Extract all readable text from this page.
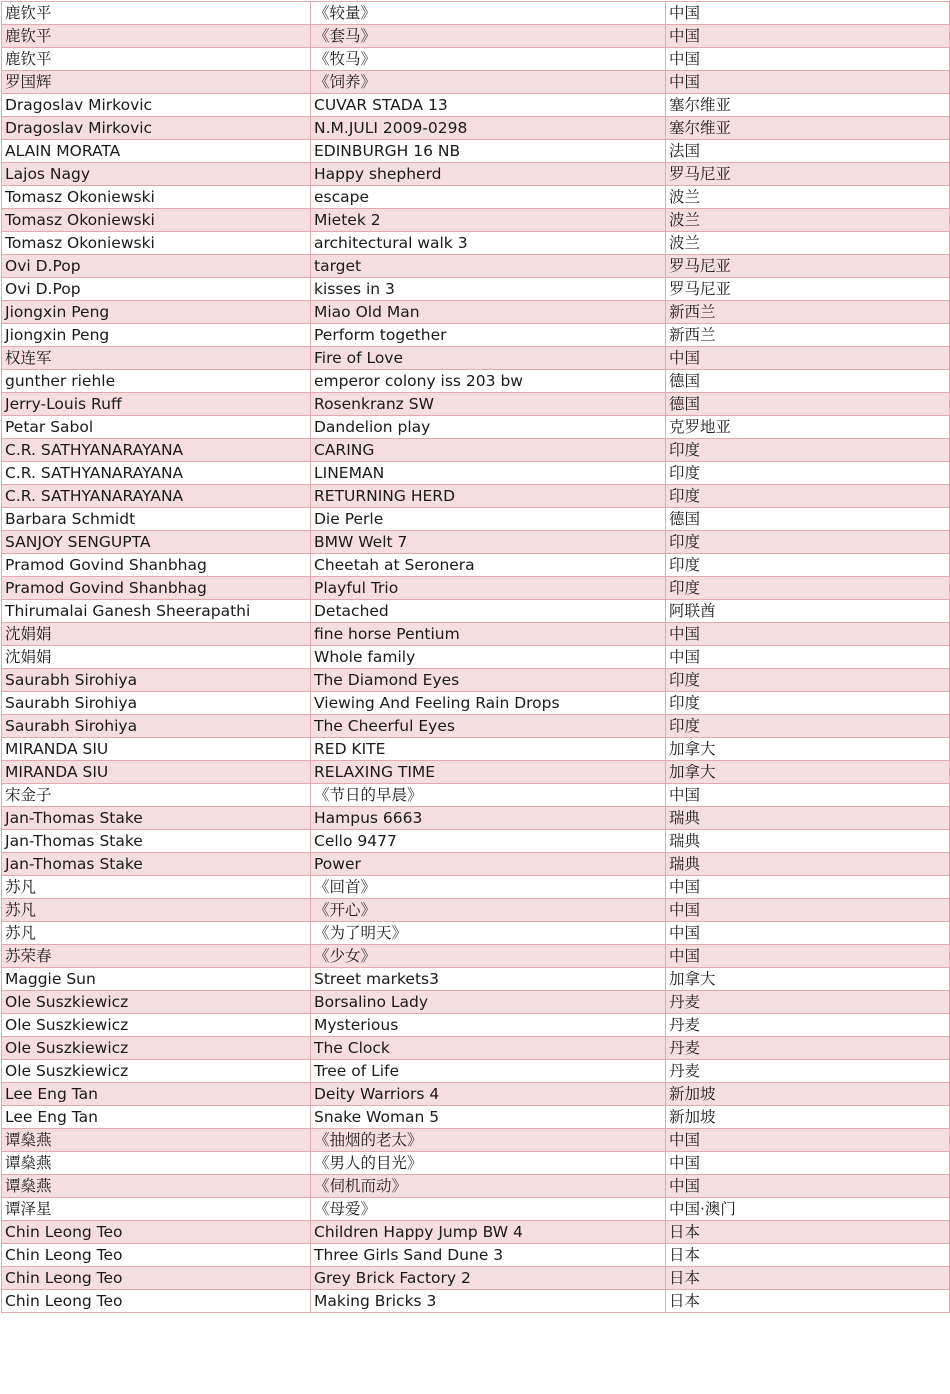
鹿钦平	《较量》	中国
鹿钦平	《套马》	中国
鹿钦平	《牧马》	中国
罗国辉	《饲养》	中国
Dragoslav Mirkovic	CUVAR STADA 13	塞尔维亚
Dragoslav Mirkovic	N.M.JULI 2009-0298	塞尔维亚
ALAIN MORATA	EDINBURGH 16 NB	法国
Lajos Nagy	Happy shepherd	罗马尼亚
Tomasz Okoniewski	escape	波兰
Tomasz Okoniewski	Mietek 2	波兰
Tomasz Okoniewski	architectural walk 3	波兰
Ovi D.Pop	target	罗马尼亚
Ovi D.Pop	kisses in 3	罗马尼亚
Jiongxin Peng	Miao Old Man	新西兰
Jiongxin Peng	Perform together	新西兰
权连军	Fire of Love	中国
gunther riehle	emperor colony iss 203 bw	德国
Jerry-Louis Ruff	Rosenkranz SW	德国
Petar Sabol	Dandelion play	克罗地亚
C.R. SATHYANARAYANA	CARING	印度
C.R. SATHYANARAYANA	LINEMAN	印度
C.R. SATHYANARAYANA	RETURNING HERD	印度
Barbara Schmidt	Die Perle	德国
SANJOY SENGUPTA	BMW Welt 7	印度
Pramod Govind Shanbhag	Cheetah at Seronera	印度
Pramod Govind Shanbhag	Playful Trio	印度
Thirumalai Ganesh Sheerapathi	Detached	阿联酋
沈娟娟	fine horse Pentium	中国
沈娟娟	Whole family	中国
Saurabh Sirohiya	The Diamond Eyes	印度
Saurabh Sirohiya	Viewing And Feeling Rain Drops	印度
Saurabh Sirohiya	The Cheerful Eyes	印度
MIRANDA SIU	RED KITE	加拿大
MIRANDA SIU	RELAXING TIME	加拿大
宋金子	《节日的早晨》	中国
Jan-Thomas Stake	Hampus 6663	瑞典
Jan-Thomas Stake	Cello 9477	瑞典
Jan-Thomas Stake	Power	瑞典
苏凡	《回首》	中国
苏凡	《开心》	中国
苏凡	《为了明天》	中国
苏荣春	《少女》	中国
Maggie Sun	Street markets3	加拿大
Ole Suszkiewicz	Borsalino Lady	丹麦
Ole Suszkiewicz	Mysterious	丹麦
Ole Suszkiewicz	The Clock	丹麦
Ole Suszkiewicz	Tree of Life	丹麦
Lee Eng Tan	Deity Warriors 4	新加坡
Lee Eng Tan	Snake Woman 5	新加坡
谭燊燕	《抽烟的老太》	中国
谭燊燕	《男人的目光》	中国
谭燊燕	《伺机而动》	中国
谭泽星	《母爱》	中国·澳门
Chin Leong Teo	Children Happy Jump BW 4	日本
Chin Leong Teo	Three Girls Sand Dune 3	日本
Chin Leong Teo	Grey Brick Factory 2	日本
Chin Leong Teo	Making Bricks 3	日本
